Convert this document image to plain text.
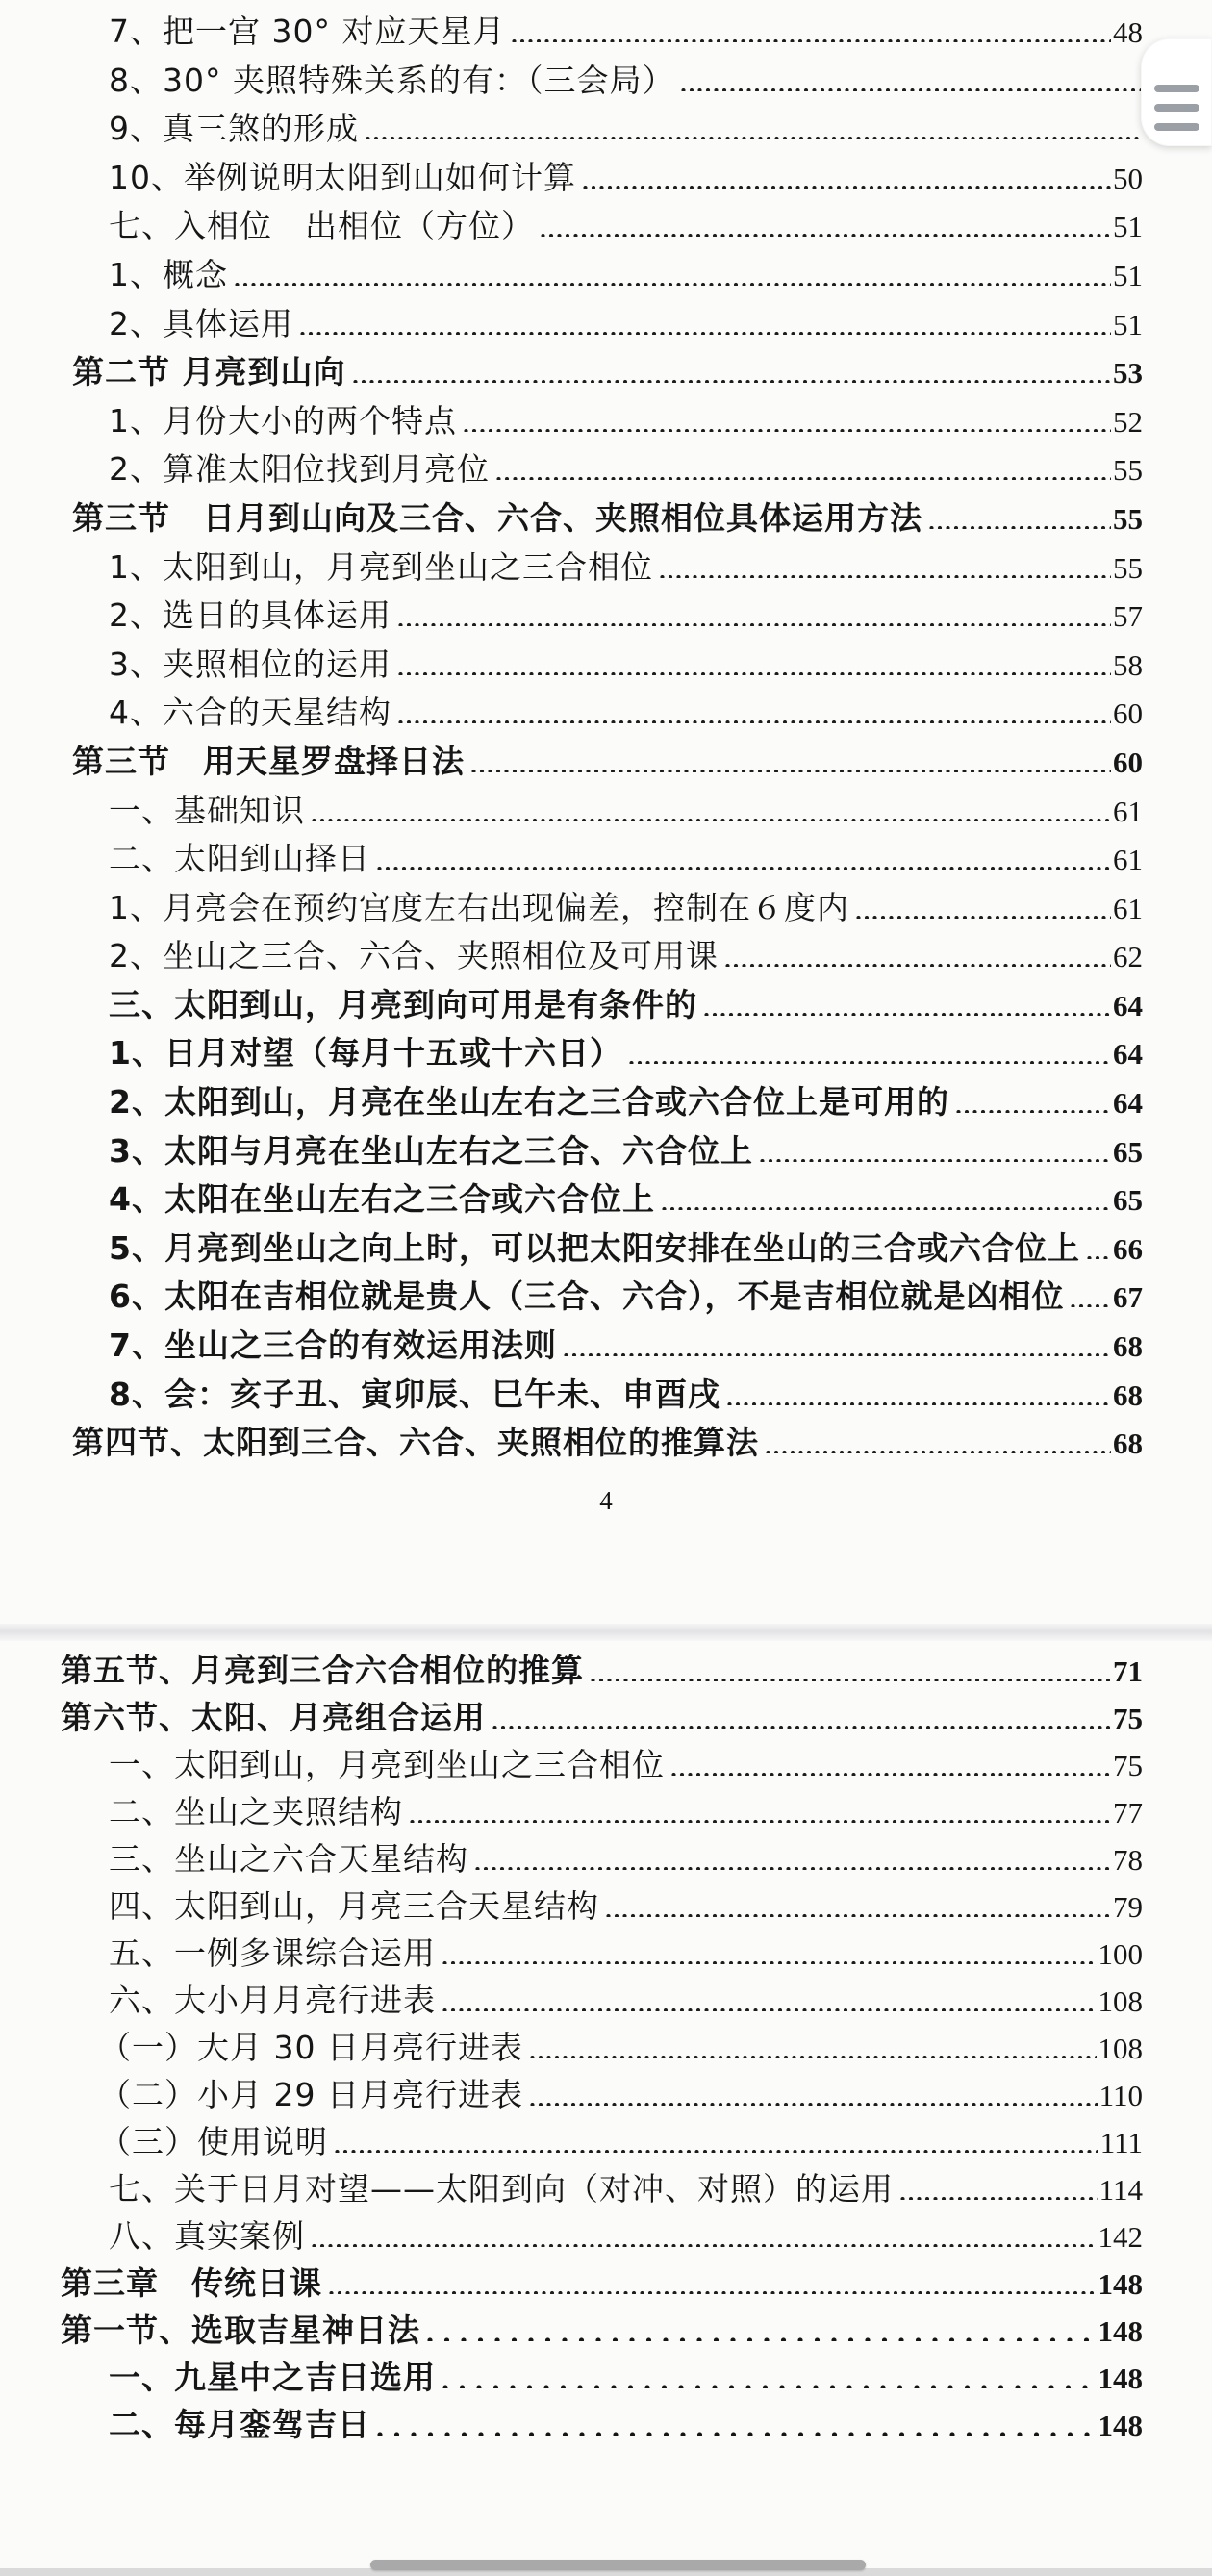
7、把一宫 30° 对应天星月	48
8、30° 夹照特殊关系的有：（三会局）
9、真三煞的形成
10、举例说明太阳到山如何计算	50
七、入相位　出相位（方位）	51
1、概念	51
2、具体运用	51
第二节 月亮到山向	53
1、月份大小的两个特点	52
2、算准太阳位找到月亮位	55
第三节　日月到山向及三合、六合、夹照相位具体运用方法	55
1、太阳到山，月亮到坐山之三合相位	55
2、选日的具体运用	57
3、夹照相位的运用	58
4、六合的天星结构	60
第三节　用天星罗盘择日法	60
一、基础知识	61
二、太阳到山择日	61
1、月亮会在预约宫度左右出现偏差，控制在６度内	61
2、坐山之三合、六合、夹照相位及可用课	62
三、太阳到山，月亮到向可用是有条件的	64
1、日月对望（每月十五或十六日）	64
2、太阳到山，月亮在坐山左右之三合或六合位上是可用的	64
3、太阳与月亮在坐山左右之三合、六合位上	65
4、太阳在坐山左右之三合或六合位上	65
5、月亮到坐山之向上时，可以把太阳安排在坐山的三合或六合位上 66
6、太阳在吉相位就是贵人（三合、六合），不是吉相位就是凶相位 67
7、坐山之三合的有效运用法则	68
8、会：亥子丑、寅卯辰、巳午未、申酉戌	68
第四节、太阳到三合、六合、夹照相位的推算法	68
4
第五节、月亮到三合六合相位的推算	71
第六节、太阳、月亮组合运用	75
一、太阳到山，月亮到坐山之三合相位	75
二、坐山之夹照结构	77
三、坐山之六合天星结构	78
四、太阳到山，月亮三合天星结构	79
五、一例多课综合运用	100
六、大小月月亮行进表	108
（一）大月 30 日月亮行进表	108
（二）小月 29 日月亮行进表	110
（三）使用说明	111
七、关于日月对望——太阳到向（对冲、对照）的运用	114
八、真实案例	142
第三章　传统日课	148
第一节、选取吉星神日法	148
一、九星中之吉日选用	148
二、每月銮驾吉日	148
